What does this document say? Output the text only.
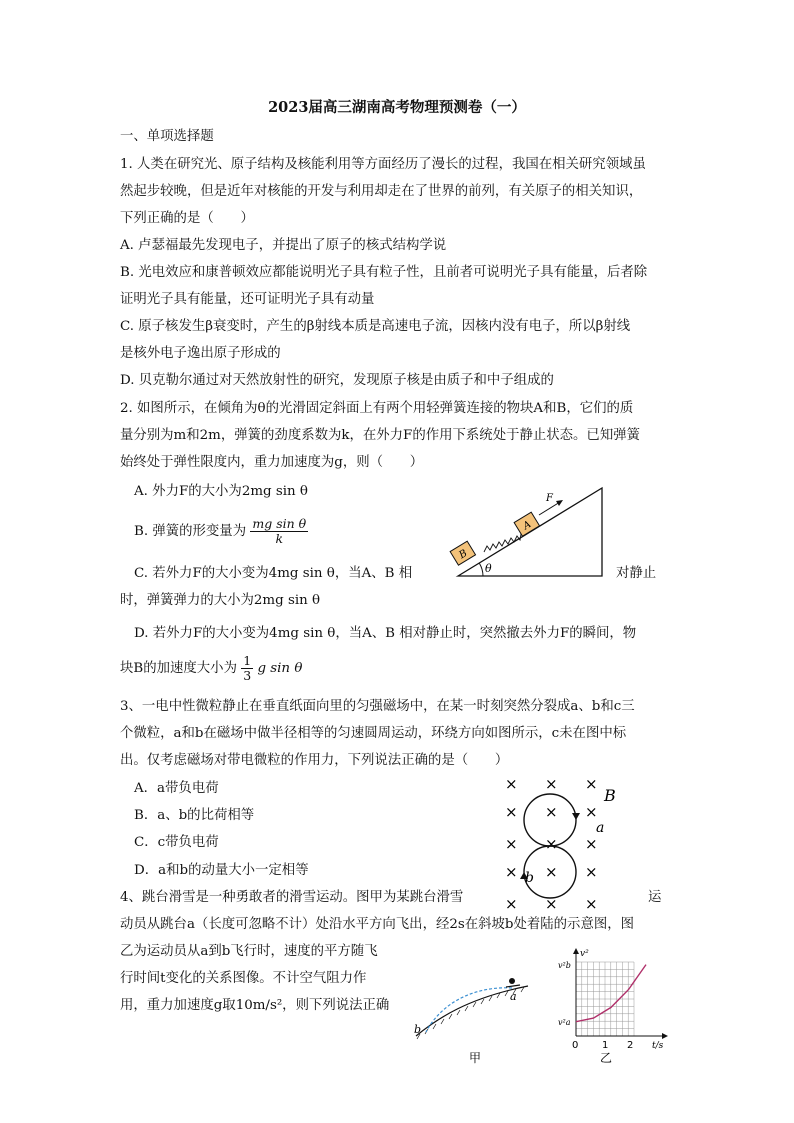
2023届高三湖南高考物理预测卷（一）
一、单项选择题
1. 人类在研究光、原子结构及核能利用等方面经历了漫长的过程，我国在相关研究领域虽
然起步较晚，但是近年对核能的开发与利用却走在了世界的前列，有关原子的相关知识，
下列正确的是（　　）
A. 卢瑟福最先发现电子，并提出了原子的核式结构学说
B. 光电效应和康普顿效应都能说明光子具有粒子性，且前者可说明光子具有能量，后者除
证明光子具有能量，还可证明光子具有动量
C. 原子核发生β衰变时，产生的β射线本质是高速电子流，因核内没有电子，所以β射线
是核外电子逸出原子形成的
D. 贝克勒尔通过对天然放射性的研究，发现原子核是由质子和中子组成的
2. 如图所示，在倾角为θ的光滑固定斜面上有两个用轻弹簧连接的物块A和B，它们的质
量分别为m和2m，弹簧的劲度系数为k，在外力F的作用下系统处于静止状态。已知弹簧
始终处于弹性限度内，重力加速度为g，则（　　）
A. 外力F的大小为2mg sin θ
B. 弹簧的形变量为 $\frac{\text{mg sin θ}}{k}$
C. 若外力F的大小变为4mg sin θ，当A、B 相	对静止
时，弹簧弹力的大小为2mg sin θ
D. 若外力F的大小变为4mg sin θ，当A、B 相对静止时，突然撤去外力F的瞬间，物
块B的加速度大小为 $\frac{1}{3}$ g sin θ
θ
B
A
F
3、一电中性微粒静止在垂直纸面向里的匀强磁场中，在某一时刻突然分裂成a、b和c三
个微粒，a和b在磁场中做半径相等的匀速圆周运动，环绕方向如图所示，c未在图中标
出。仅考虑磁场对带电微粒的作用力，下列说法正确的是（　　）
A．a带负电荷
B．a、b的比荷相等
C．c带负电荷
D．a和b的动量大小一定相等
× × ×
× × ×
× × ×
× × ×
× × ×
B
a
b
4、跳台滑雪是一种勇敢者的滑雪运动。图甲为某跳台滑雪	运
动员从跳台a（长度可忽略不计）处沿水平方向飞出，经2s在斜坡b处着陆的示意图，图
乙为运动员从a到b飞行时，速度的平方随飞
行时间t变化的关系图像。不计空气阻力作
用，重力加速度g取10m/s²，则下列说法正确
a
b
甲
v²
v²b
v²a
0 1 2 t/s
乙
